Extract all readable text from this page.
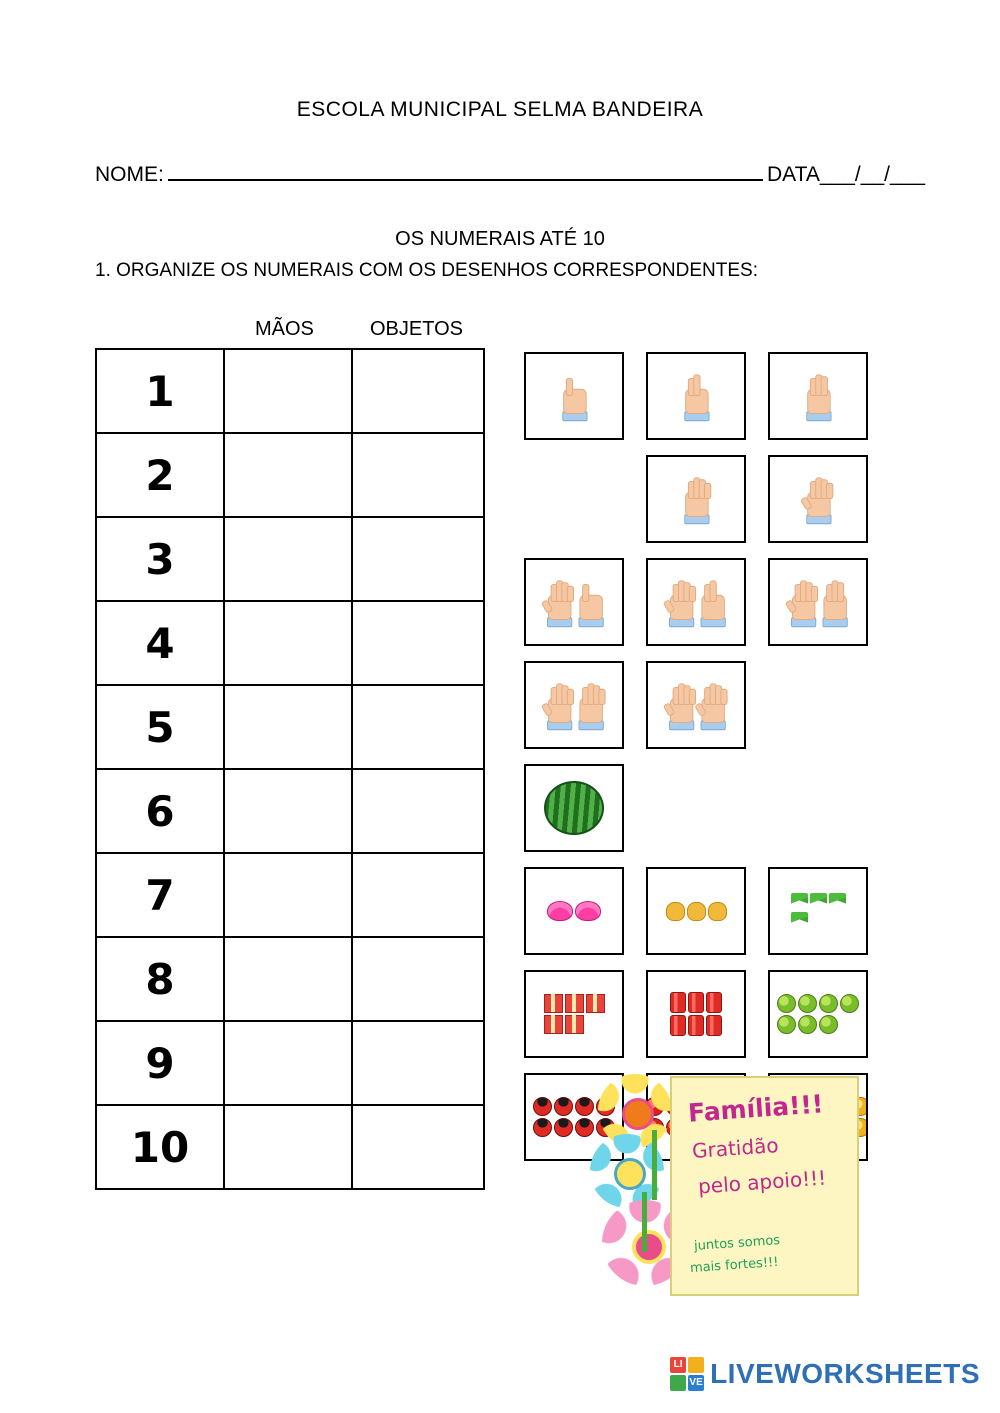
ESCOLA MUNICIPAL SELMA BANDEIRA
NOME:	DATA___/__/___
OS NUMERAIS ATÉ 10
1. ORGANIZE OS NUMERAIS COM OS DESENHOS CORRESPONDENTES:
MÃOS	OBJETOS
1		
2		
3		
4		
5		
6		
7		
8		
9		
10		
Família!!!
Gratidão
pelo apoio!!!
juntos somos
mais fortes!!!
LI
VE LIVEWORKSHEETS
